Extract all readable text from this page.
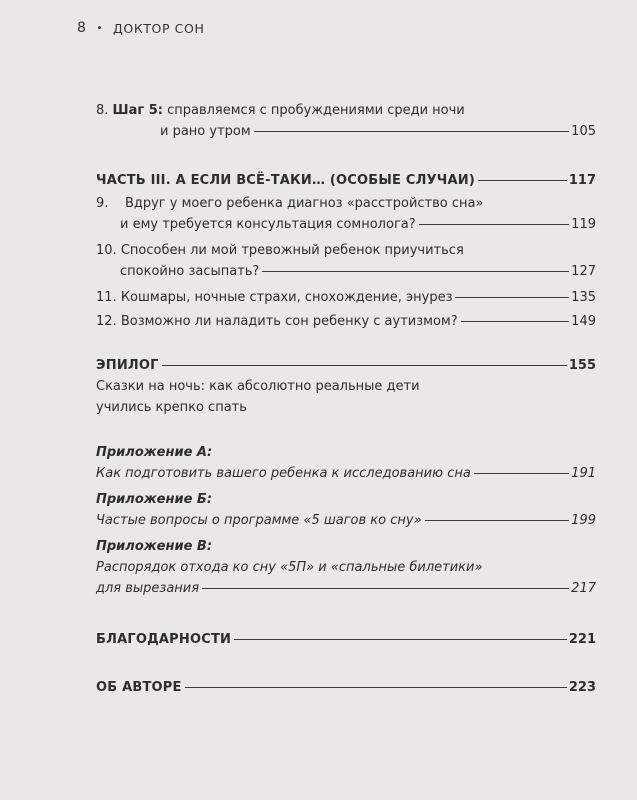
8 • ДОКТОР СОН
8.
Шаг 5:
справляемся с пробуждениями среди ночи
и рано утром	105
ЧАСТЬ III. А ЕСЛИ ВСЁ-ТАКИ… (ОСОБЫЕ СЛУЧАИ)	117
9.
Вдруг у моего ребенка диагноз «расстройство сна»
и ему требуется консультация сомнолога?	119
10.
Способен ли мой тревожный ребенок приучиться
спокойно засыпать?	127
11.
Кошмары, ночные страхи, снохождение, энурез	135
12.
Возможно ли наладить сон ребенку с аутизмом?	149
ЭПИЛОГ	155
Сказки на ночь: как абсолютно реальные дети
учились крепко спать
Приложение А:
Как подготовить вашего ребенка к исследованию сна	191
Приложение Б:
Частые вопросы о программе «5 шагов ко сну»	199
Приложение В:
Распорядок отхода ко сну «5П» и «спальные билетики»
для вырезания	217
БЛАГОДАРНОСТИ	221
ОБ АВТОРЕ	223
